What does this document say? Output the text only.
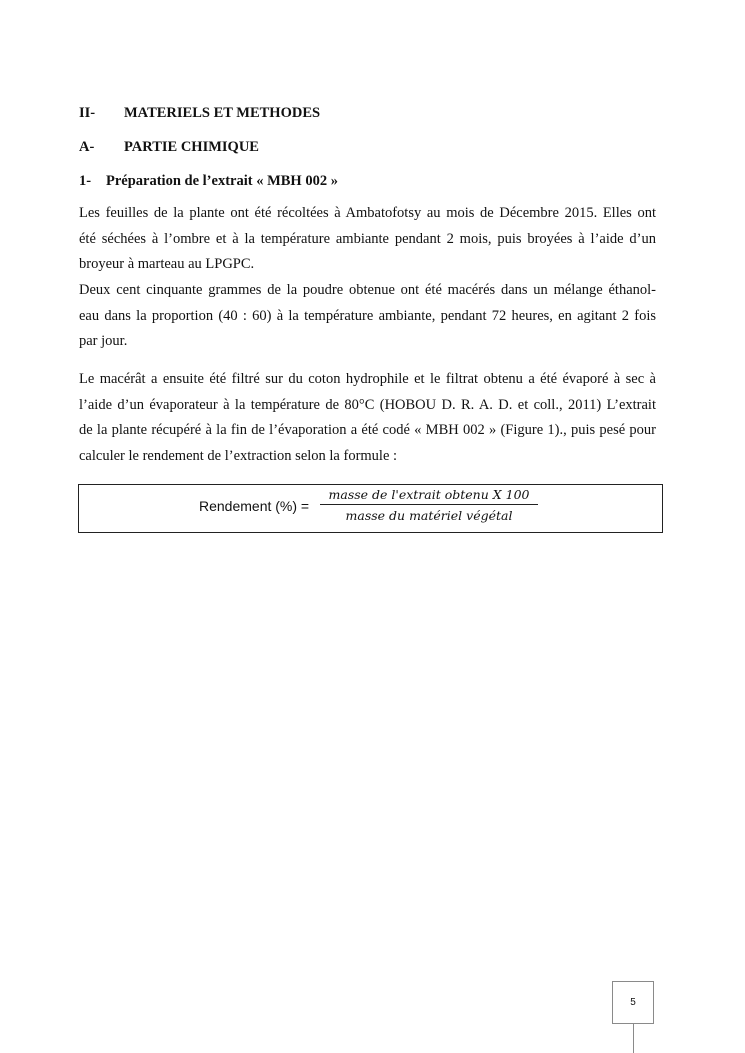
II- MATERIELS ET METHODES
A- PARTIE CHIMIQUE
1- Préparation de l’extrait « MBH 002 »
Les feuilles de la plante ont été récoltées à Ambatofotsy au mois de Décembre 2015. Elles ont
été séchées à l’ombre et à la température ambiante pendant 2 mois, puis broyées à l’aide d’un
broyeur à marteau au LPGPC.
Deux cent cinquante grammes de la poudre obtenue ont été macérés dans un mélange éthanol-
eau dans la proportion (40 : 60) à la température ambiante, pendant 72 heures, en agitant 2 fois
par jour.
Le macérât a ensuite été filtré sur du coton hydrophile et le filtrat obtenu a été évaporé à sec à
l’aide d’un évaporateur à la température de 80°C (HOBOU D. R. A. D. et coll., 2011) L’extrait
de la plante récupéré à la fin de l’évaporation a été codé « MBH 002 » (Figure 1)., puis pesé pour
calculer le rendement de l’extraction selon la formule :
Rendement (%) =
masse de l'extrait obtenu X 100
masse du matériel végétal
5
